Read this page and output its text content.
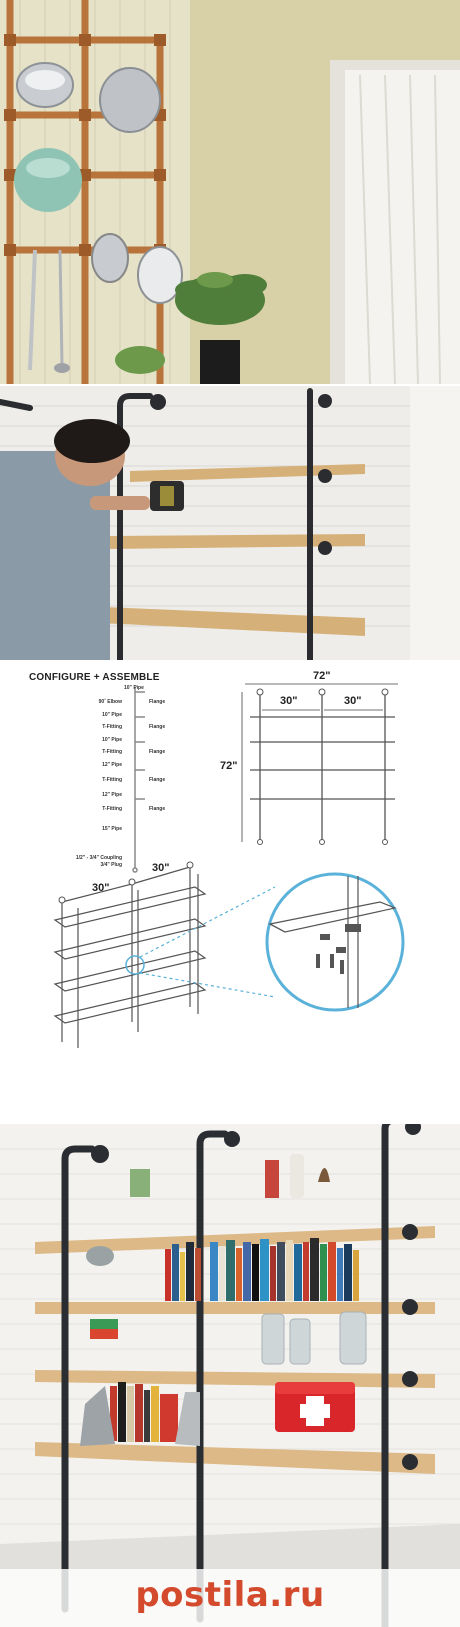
CONFIGURE + ASSEMBLE
90˚ Elbow
10" Pipe
T-Fitting
10" Pipe
T-Fitting
12" Pipe
T-Fitting
12" Pipe
T-Fitting
15" Pipe
1/2" - 3/4" Coupling
3/4" Plug
10" Pipe
Flange
Flange
Flange
Flange
Flange
72"
30"	30"
72"
30"
30"
postila.ru
